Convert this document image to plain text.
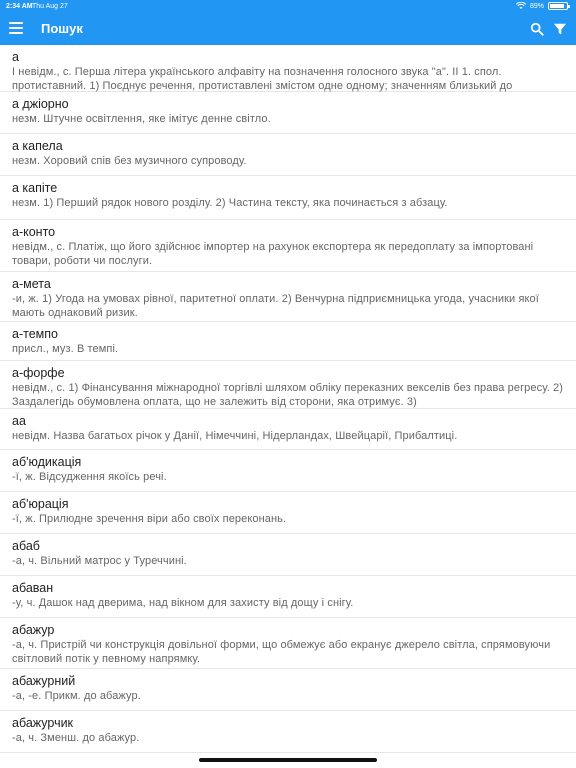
2:34 AM Thu Aug 27	89%
Пошук
а
І невідм., с. Перша літера українського алфавіту на позначення голосного звука "а". ІІ 1. спол. протиставний. 1) Поєднує речення, протиставлені змістом одне одному; значенням близький до
а джіорно
незм. Штучне освітлення, яке імітує денне світло.
а капела
незм. Хоровий спів без музичного супроводу.
а капіте
незм. 1) Перший рядок нового розділу. 2) Частина тексту, яка починається з абзацу.
а-конто
невідм., с. Платіж, що його здійснює імпортер на рахунок експортера як передоплату за імпортовані товари, роботи чи послуги.
а-мета
-и, ж. 1) Угода на умовах рівної, паритетної оплати. 2) Венчурна підприємницька угода, учасники якої мають однаковий ризик.
а-темпо
присл., муз. В темпі.
а-форфе
невідм., с. 1) Фінансування міжнародної торгівлі шляхом обліку переказних векселів без права регресу. 2) Заздалегідь обумовлена оплата, що не залежить від сторони, яка отримує. 3)
аа
невідм. Назва багатьох річок у Данії, Німеччині, Нідерландах, Швейцарії, Прибалтиці.
аб'юдикація
-ї, ж. Відсудження якоїсь речі.
аб'юрація
-ї, ж. Прилюдне зречення віри або своїх переконань.
абаб
-а, ч. Вільний матрос у Туреччині.
абаван
-у, ч. Дашок над дверима, над вікном для захисту від дощу і снігу.
абажур
-а, ч. Пристрій чи конструкція довільної форми, що обмежує або екранує джерело світла, спрямовуючи світловий потік у певному напрямку.
абажурний
-а, -е. Прикм. до абажур.
абажурчик
-а, ч. Зменш. до абажур.
